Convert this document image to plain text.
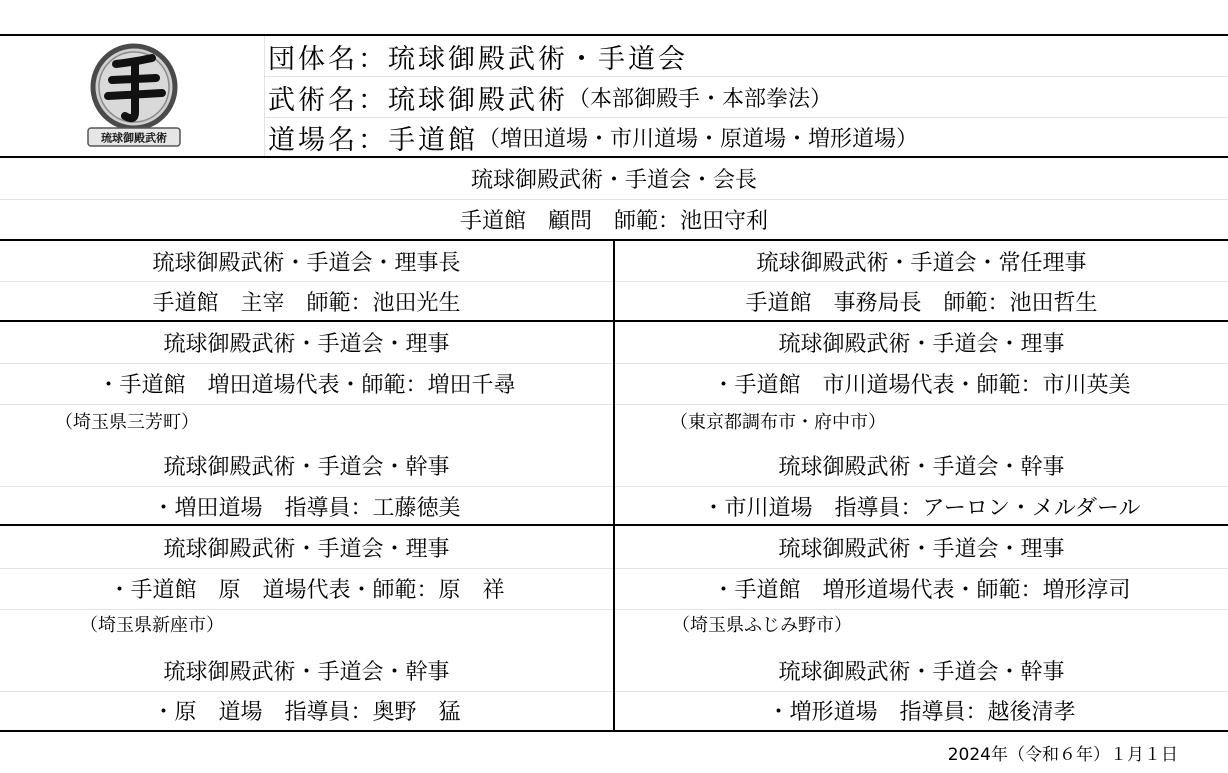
琉球御殿武術
団体名： 琉球御殿武術・手道会
武術名： 琉球御殿武術 （本部御殿手・本部拳法）
道場名： 手道館 （増田道場・市川道場・原道場・増形道場）
琉球御殿武術・手道会・会長
手道館　顧問　師範：池田守利
琉球御殿武術・手道会・理事長
手道館　主宰　師範：池田光生
琉球御殿武術・手道会・常任理事
手道館　事務局長　師範：池田哲生
琉球御殿武術・手道会・理事
・手道館　増田道場代表・師範：増田千尋
（埼玉県三芳町）
琉球御殿武術・手道会・理事
・手道館　市川道場代表・師範：市川英美
（東京都調布市・府中市）
琉球御殿武術・手道会・幹事
・増田道場　指導員：工藤徳美
琉球御殿武術・手道会・幹事
・市川道場　指導員：アーロン・メルダール
琉球御殿武術・手道会・理事
・手道館　原　道場代表・師範：原　祥
（埼玉県新座市）
琉球御殿武術・手道会・理事
・手道館　増形道場代表・師範：増形淳司
（埼玉県ふじみ野市）
琉球御殿武術・手道会・幹事
・原　道場　指導員：奥野　猛
琉球御殿武術・手道会・幹事
・増形道場　指導員：越後清孝
2024年（令和６年）１月１日
